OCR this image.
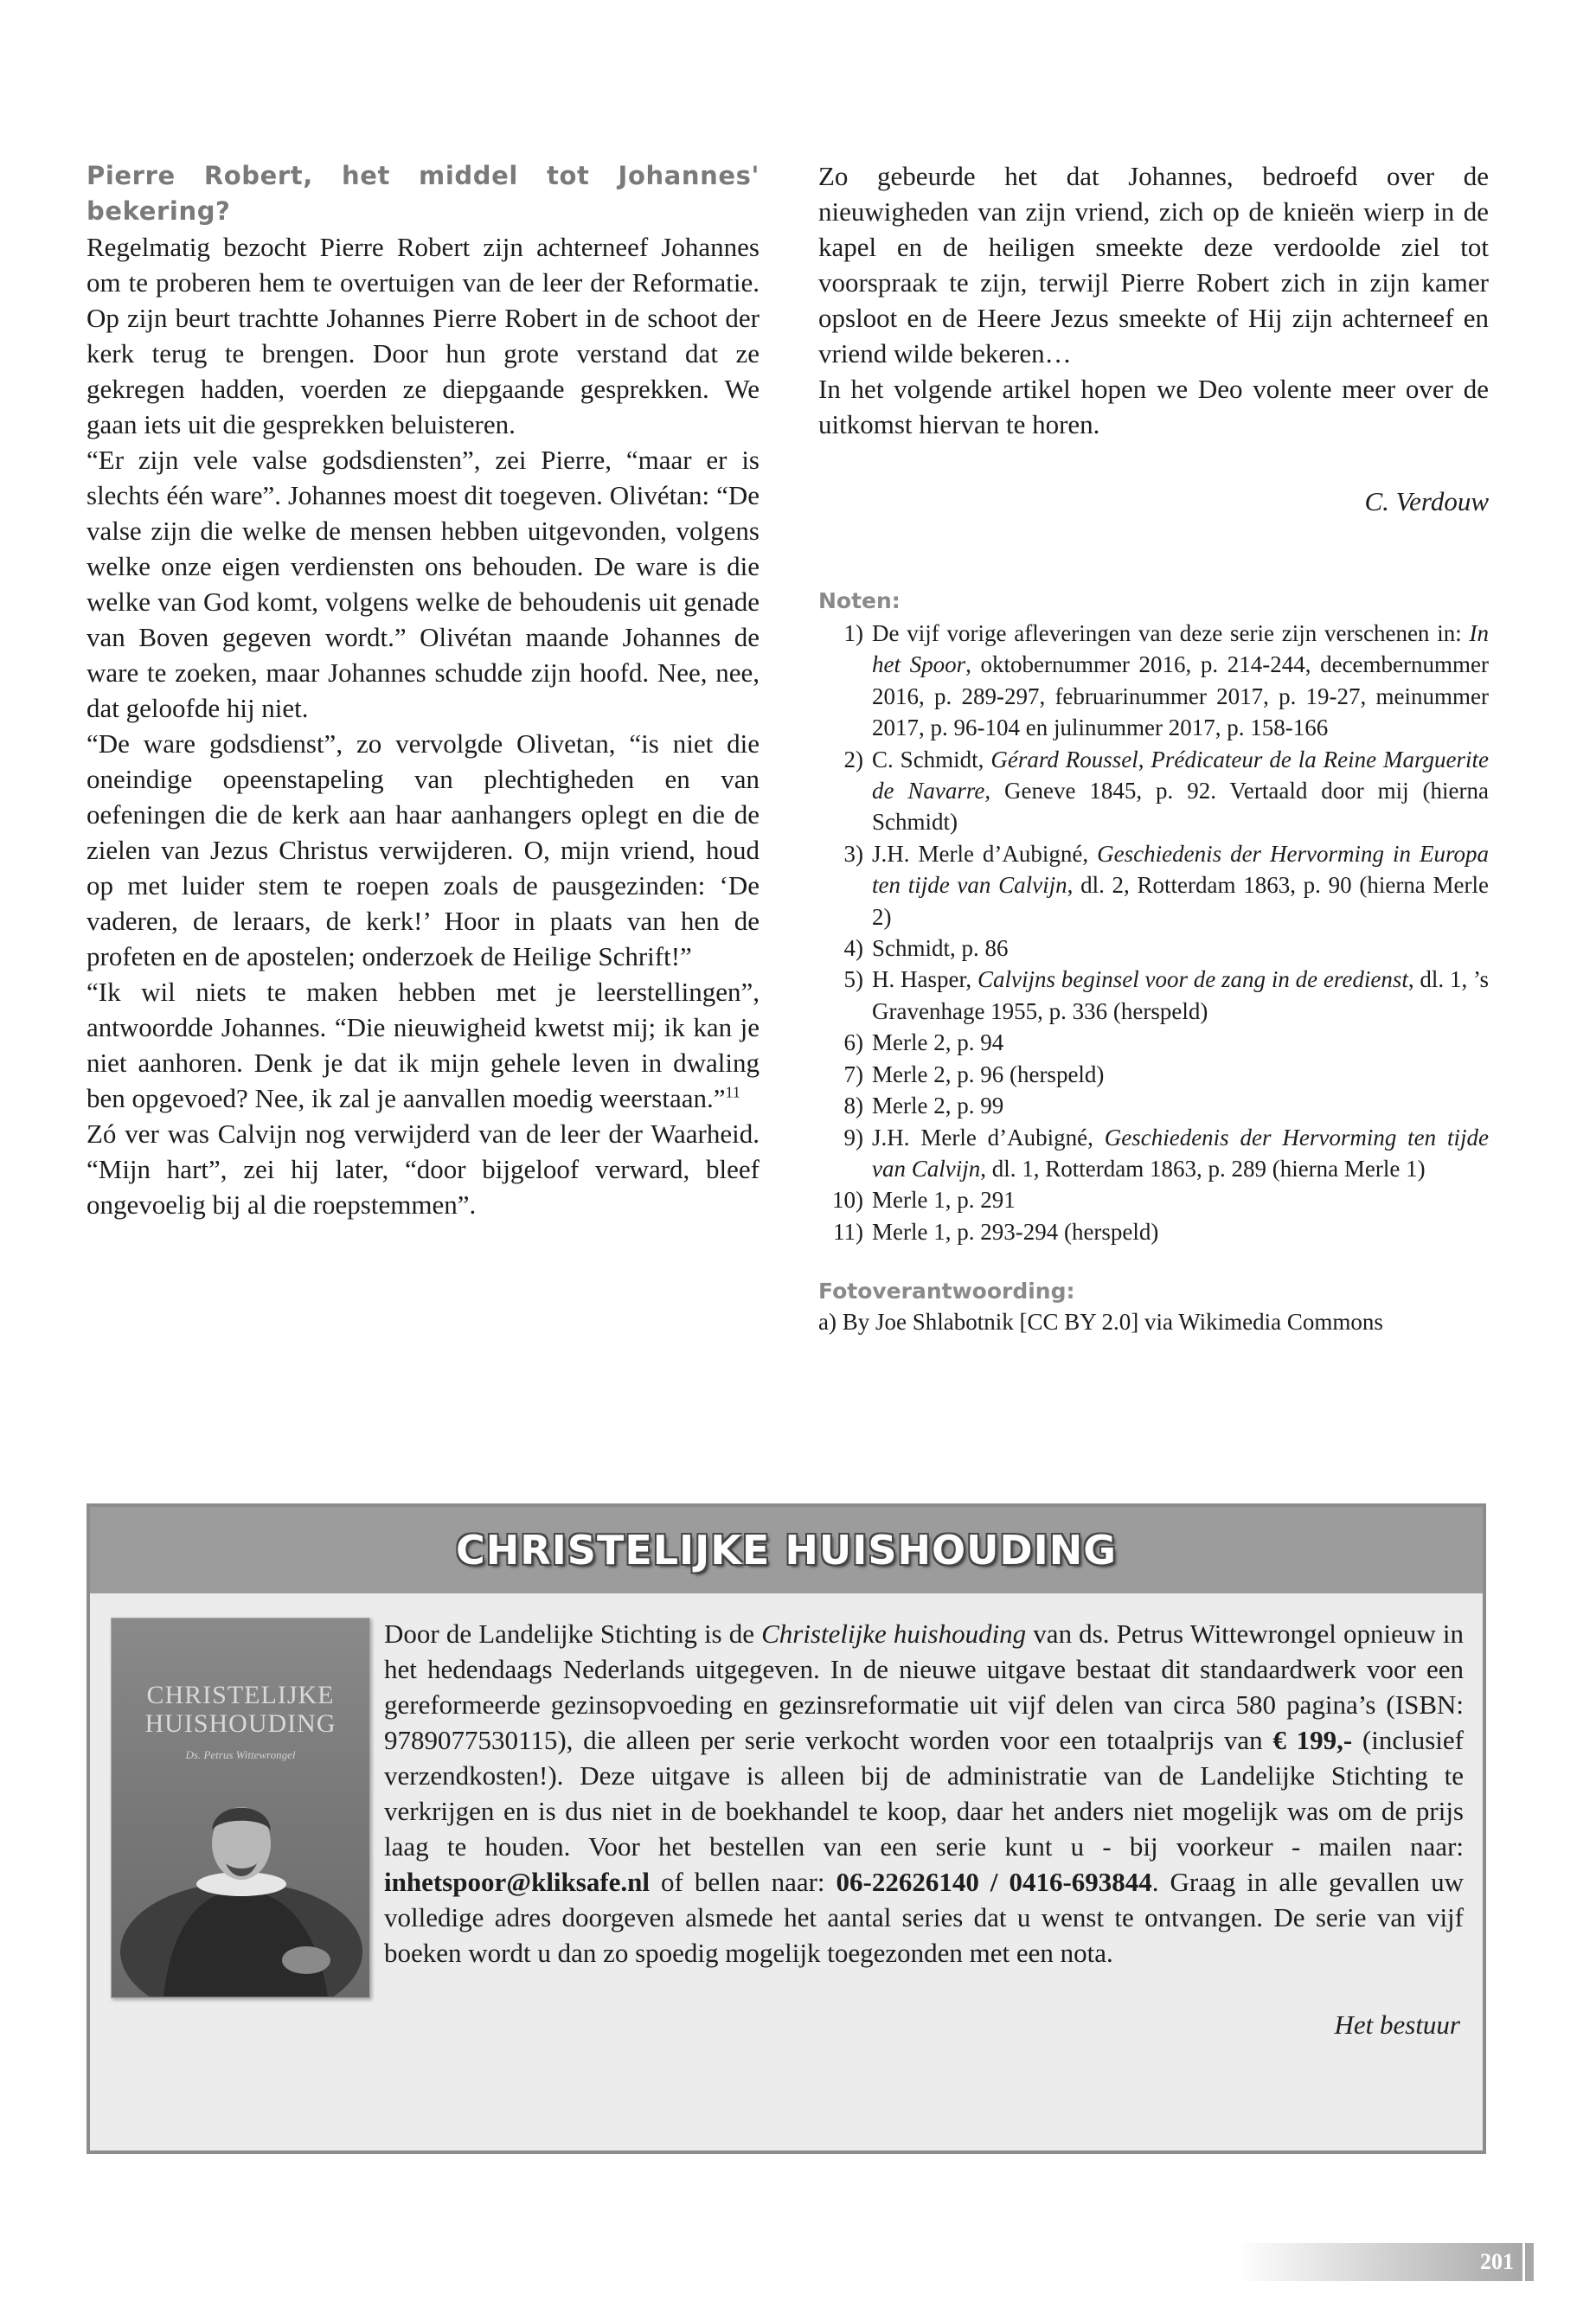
Pierre Robert, het middel tot Johannes' bekering?

Regelmatig bezocht Pierre Robert zijn achterneef Johannes om te proberen hem te overtuigen van de leer der Reformatie. Op zijn beurt trachtte Johannes Pierre Robert in de schoot der kerk terug te brengen. Door hun grote verstand dat ze gekregen hadden, voerden ze diepgaande gesprekken. We gaan iets uit die gesprekken beluisteren.

“Er zijn vele valse godsdiensten”, zei Pierre, “maar er is slechts één ware”. Johannes moest dit toegeven. Olivétan: “De valse zijn die welke de mensen hebben uitgevonden, volgens welke onze eigen verdiensten ons behouden. De ware is die welke van God komt, volgens welke de behoudenis uit genade van Boven gegeven wordt.” Olivétan maande Johannes de ware te zoeken, maar Johannes schudde zijn hoofd. Nee, nee, dat geloofde hij niet.

“De ware godsdienst”, zo vervolgde Olivetan, “is niet die oneindige opeenstapeling van plechtigheden en van oefeningen die de kerk aan haar aanhangers oplegt en die de zielen van Jezus Christus verwijderen. O, mijn vriend, houd op met luider stem te roepen zoals de pausgezinden: ‘De vaderen, de leraars, de kerk!’ Hoor in plaats van hen de profeten en de apostelen; onderzoek de Heilige Schrift!”

“Ik wil niets te maken hebben met je leerstellingen”, antwoordde Johannes. “Die nieuwigheid kwetst mij; ik kan je niet aanhoren. Denk je dat ik mijn gehele leven in dwaling ben opgevoed? Nee, ik zal je aanvallen moedig weerstaan.”$^{11}$

Zó ver was Calvijn nog verwijderd van de leer der Waarheid. “Mijn hart”, zei hij later, “door bijgeloof verward, bleef ongevoelig bij al die roepstemmen”.

Zo gebeurde het dat Johannes, bedroefd over de nieuwigheden van zijn vriend, zich op de knieën wierp in de kapel en de heiligen smeekte deze verdoolde ziel tot voorspraak te zijn, terwijl Pierre Robert zich in zijn kamer opsloot en de Heere Jezus smeekte of Hij zijn achterneef en vriend wilde bekeren…

In het volgende artikel hopen we Deo volente meer over de uitkomst hiervan te horen.

C. Verdouw
Noten:
1) De vijf vorige afleveringen van deze serie zijn verschenen in: In het Spoor, oktobernummer 2016, p. 214-244, decembernummer 2016, p. 289-297, februarinummer 2017, p. 19-27, meinummer 2017, p. 96-104 en julinummer 2017, p. 158-166
2) C. Schmidt, Gérard Roussel, Prédicateur de la Reine Marguerite de Navarre, Geneve 1845, p. 92. Vertaald door mij (hierna Schmidt)
3) J.H. Merle d’Aubigné, Geschiedenis der Hervorming in Europa ten tijde van Calvijn, dl. 2, Rotterdam 1863, p. 90 (hierna Merle 2)
4) Schmidt, p. 86
5) H. Hasper, Calvijns beginsel voor de zang in de eredienst, dl. 1, ’s Gravenhage 1955, p. 336 (herspeld)
6) Merle 2, p. 94
7) Merle 2, p. 96 (herspeld)
8) Merle 2, p. 99
9) J.H. Merle d’Aubigné, Geschiedenis der Hervorming ten tijde van Calvijn, dl. 1, Rotterdam 1863, p. 289 (hierna Merle 1)
10) Merle 1, p. 291
11) Merle 1, p. 293-294 (herspeld)
Fotoverantwoording:
a) By Joe Shlabotnik [CC BY 2.0] via Wikimedia Commons
CHRISTELIJKE HUISHOUDING
CHRISTELIJKE
HUISHOUDING
Ds. Petrus Wittewrongel
Door de Landelijke Stichting is de Christelijke huishouding van ds. Petrus Wittewrongel opnieuw in het hedendaags Nederlands uitgegeven. In de nieuwe uitgave bestaat dit standaardwerk voor een gereformeerde gezinsopvoeding en gezinsreformatie uit vijf delen van circa 580 pagina’s (ISBN: 9789077530115), die alleen per serie verkocht worden voor een totaalprijs van € 199,- (inclusief verzendkosten!). Deze uitgave is alleen bij de administratie van de Landelijke Stichting te verkrijgen en is dus niet in de boekhandel te koop, daar het anders niet mogelijk was om de prijs laag te houden. Voor het bestellen van een serie kunt u - bij voorkeur - mailen naar: inhetspoor@kliksafe.nl of bellen naar: 06-22626140 / 0416-693844. Graag in alle gevallen uw volledige adres doorgeven alsmede het aantal series dat u wenst te ontvangen. De serie van vijf boeken wordt u dan zo spoedig mogelijk toegezonden met een nota.
Het bestuur
201
